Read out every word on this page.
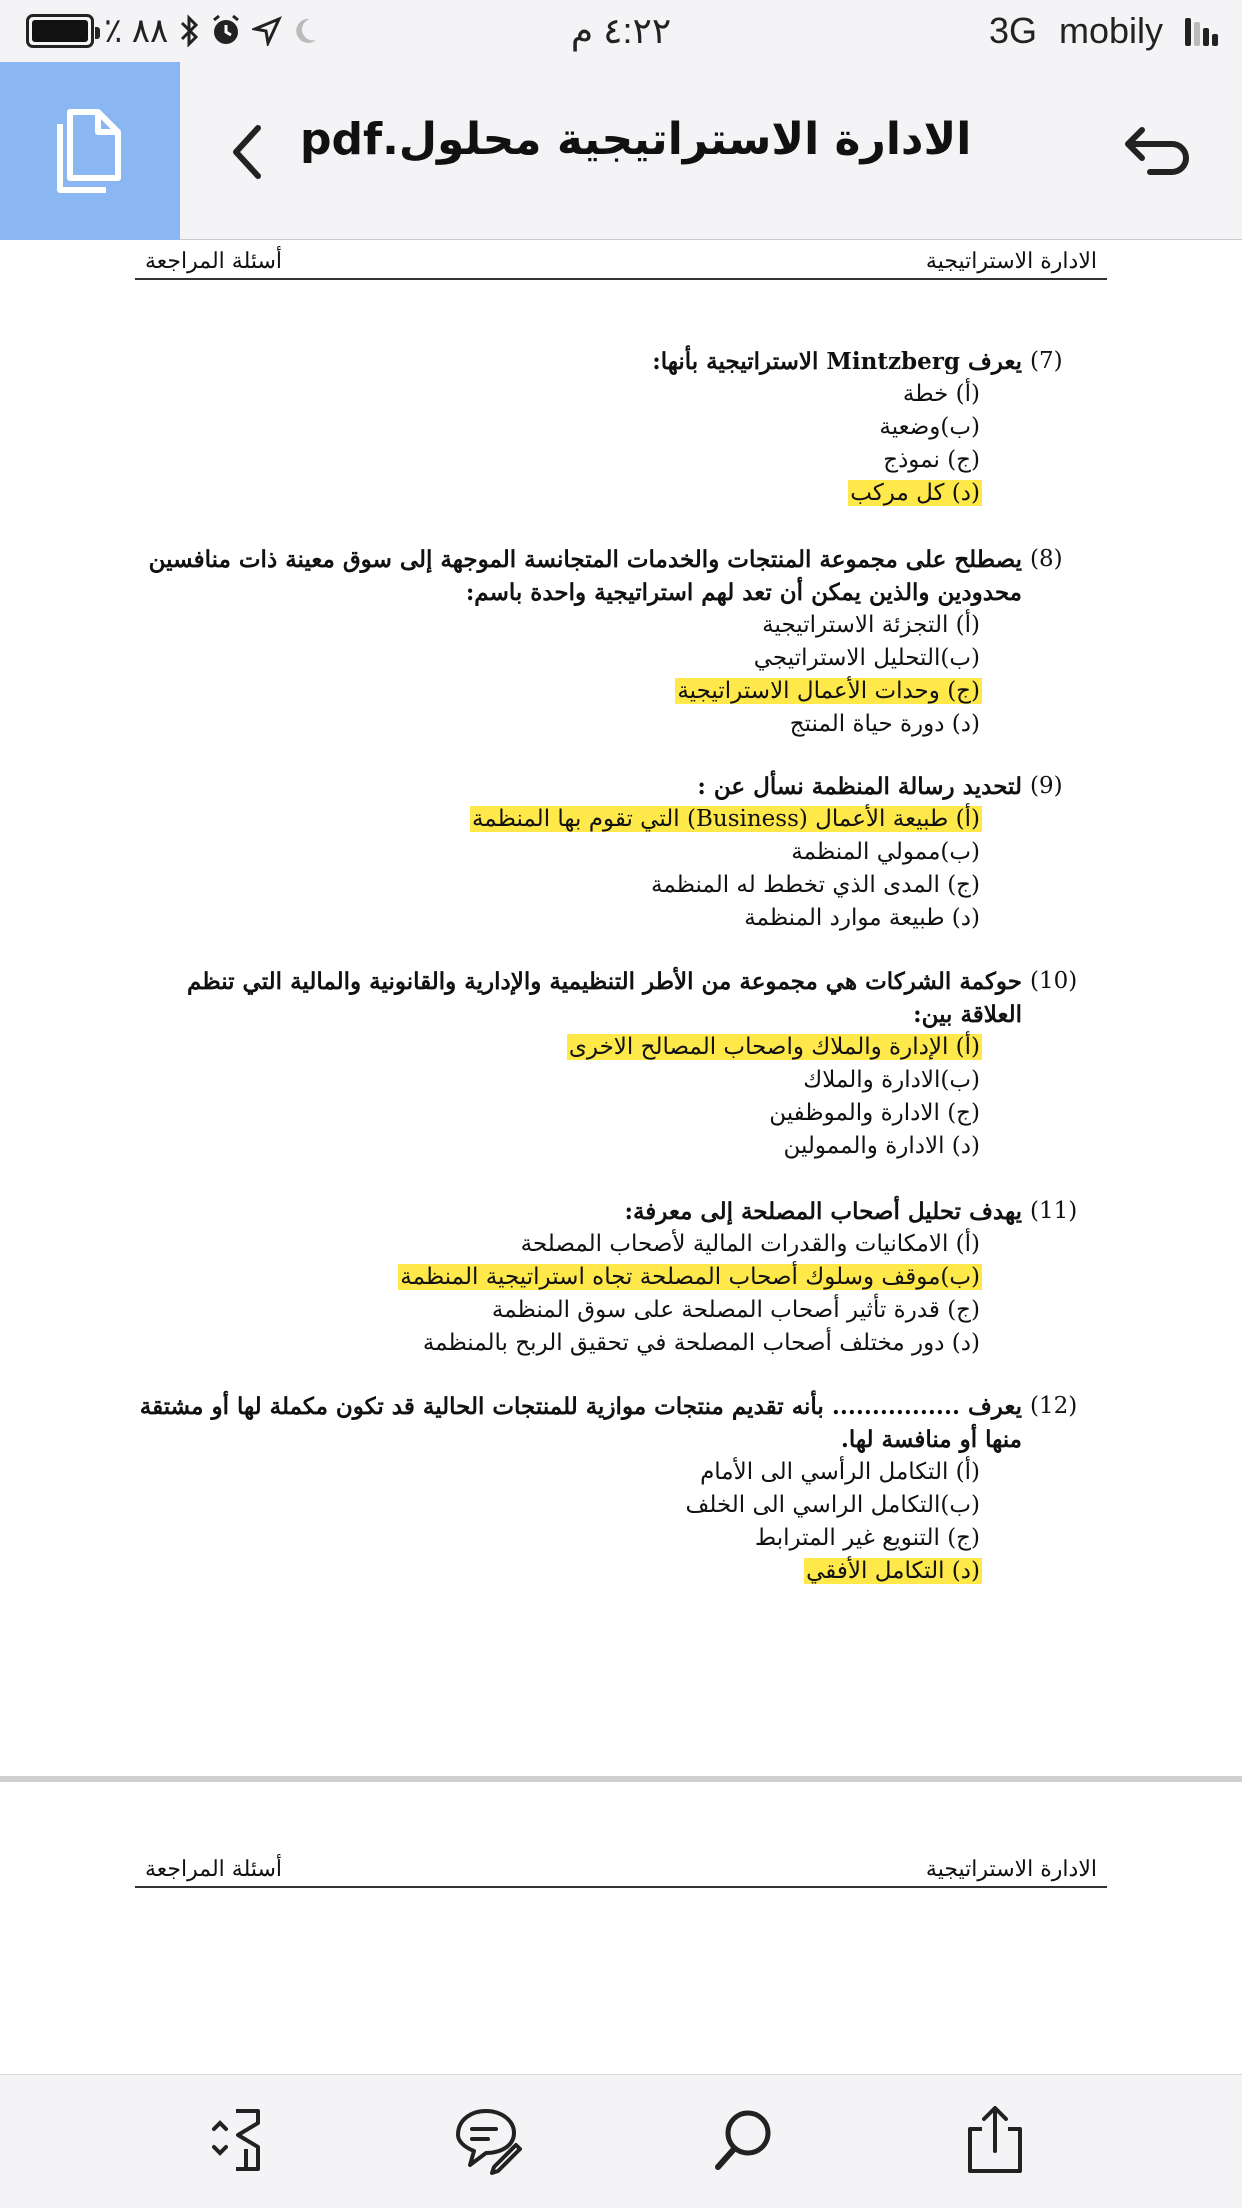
٪ ٨٨	٤:٢٢ م	3G mobily
الادارة الاستراتيجية محلول.pdf
أسئلة المراجعة	الادارة الاستراتيجية
(7)
يعرف Mintzberg الاستراتيجية بأنها:
(أ) خطة
(ب)وضعية
(ج) نموذج
(د) كل مركب
(8)
يصطلح على مجموعة المنتجات والخدمات المتجانسة الموجهة إلى سوق معينة ذات منافسين محدودين والذين يمكن أن تعد لهم استراتيجية واحدة باسم:
(أ) التجزئة الاستراتيجية
(ب)التحليل الاستراتيجي
(ج) وحدات الأعمال الاستراتيجية
(د) دورة حياة المنتج
(9)
لتحديد رسالة المنظمة نسأل عن :
(أ) طبيعة الأعمال (Business) التي تقوم بها المنظمة
(ب)ممولي المنظمة
(ج) المدى الذي تخطط له المنظمة
(د) طبيعة موارد المنظمة
(10)
حوكمة الشركات هي مجموعة من الأطر التنظيمية والإدارية والقانونية والمالية التي تنظم العلاقة بين:
(أ) الإدارة والملاك واصحاب المصالح الاخرى
(ب)الادارة والملاك
(ج) الادارة والموظفين
(د) الادارة والممولين
(11)
يهدف تحليل أصحاب المصلحة إلى معرفة:
(أ) الامكانيات والقدرات المالية لأصحاب المصلحة
(ب)موقف وسلوك أصحاب المصلحة تجاه استراتيجية المنظمة
(ج) قدرة تأثير أصحاب المصلحة على سوق المنظمة
(د) دور مختلف أصحاب المصلحة في تحقيق الربح بالمنظمة
(12)
يعرف ................ بأنه تقديم منتجات موازية للمنتجات الحالية قد تكون مكملة لها أو مشتقة منها أو منافسة لها.
(أ) التكامل الرأسي الى الأمام
(ب)التكامل الراسي الى الخلف
(ج) التنويع غير المترابط
(د) التكامل الأفقي
أسئلة المراجعة	الادارة الاستراتيجية
